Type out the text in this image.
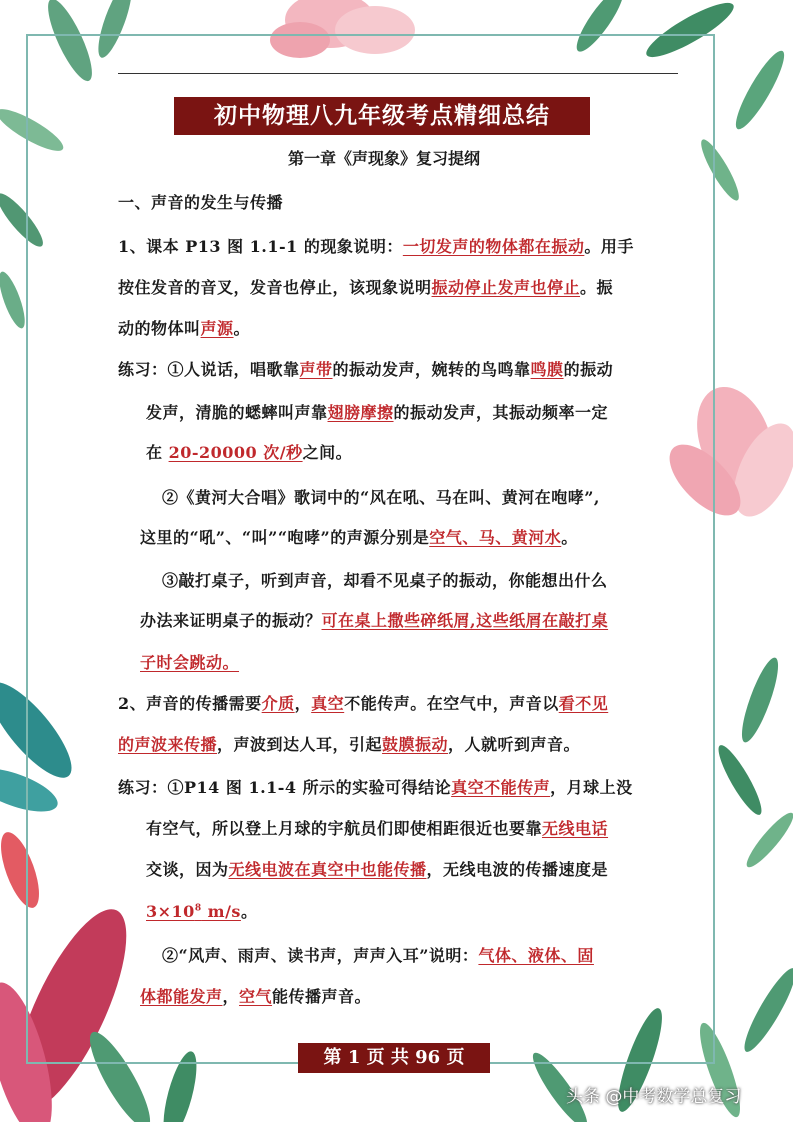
初中物理八九年级考点精细总结
第一章《声现象》复习提纲
一、声音的发生与传播
1、课本 P13 图 1.1-1 的现象说明：一切发声的物体都在振动。用手
按住发音的音叉，发音也停止，该现象说明振动停止发声也停止。振
动的物体叫声源。
练习：①人说话，唱歌靠声带的振动发声，婉转的鸟鸣靠鸣膜的振动
发声，清脆的蟋蟀叫声靠翅膀摩擦的振动发声，其振动频率一定
在 20-20000 次/秒之间。
②《黄河大合唱》歌词中的“风在吼、马在叫、黄河在咆哮”,
这里的“吼”、“叫”“咆哮”的声源分别是空气、马、黄河水。
③敲打桌子，听到声音，却看不见桌子的振动，你能想出什么
办法来证明桌子的振动？可在桌上撒些碎纸屑,这些纸屑在敲打桌
子时会跳动。
2、声音的传播需要介质，真空不能传声。在空气中，声音以看不见
的声波来传播，声波到达人耳，引起鼓膜振动，人就听到声音。
练习：①P14 图 1.1-4 所示的实验可得结论真空不能传声，月球上没
有空气，所以登上月球的宇航员们即使相距很近也要靠无线电话
交谈，因为无线电波在真空中也能传播，无线电波的传播速度是
$3\times 10^8$ m/s。
②“风声、雨声、读书声，声声入耳”说明：气体、液体、固
体都能发声，空气能传播声音。
第 1 页 共 96 页
头条 @中考数学总复习
